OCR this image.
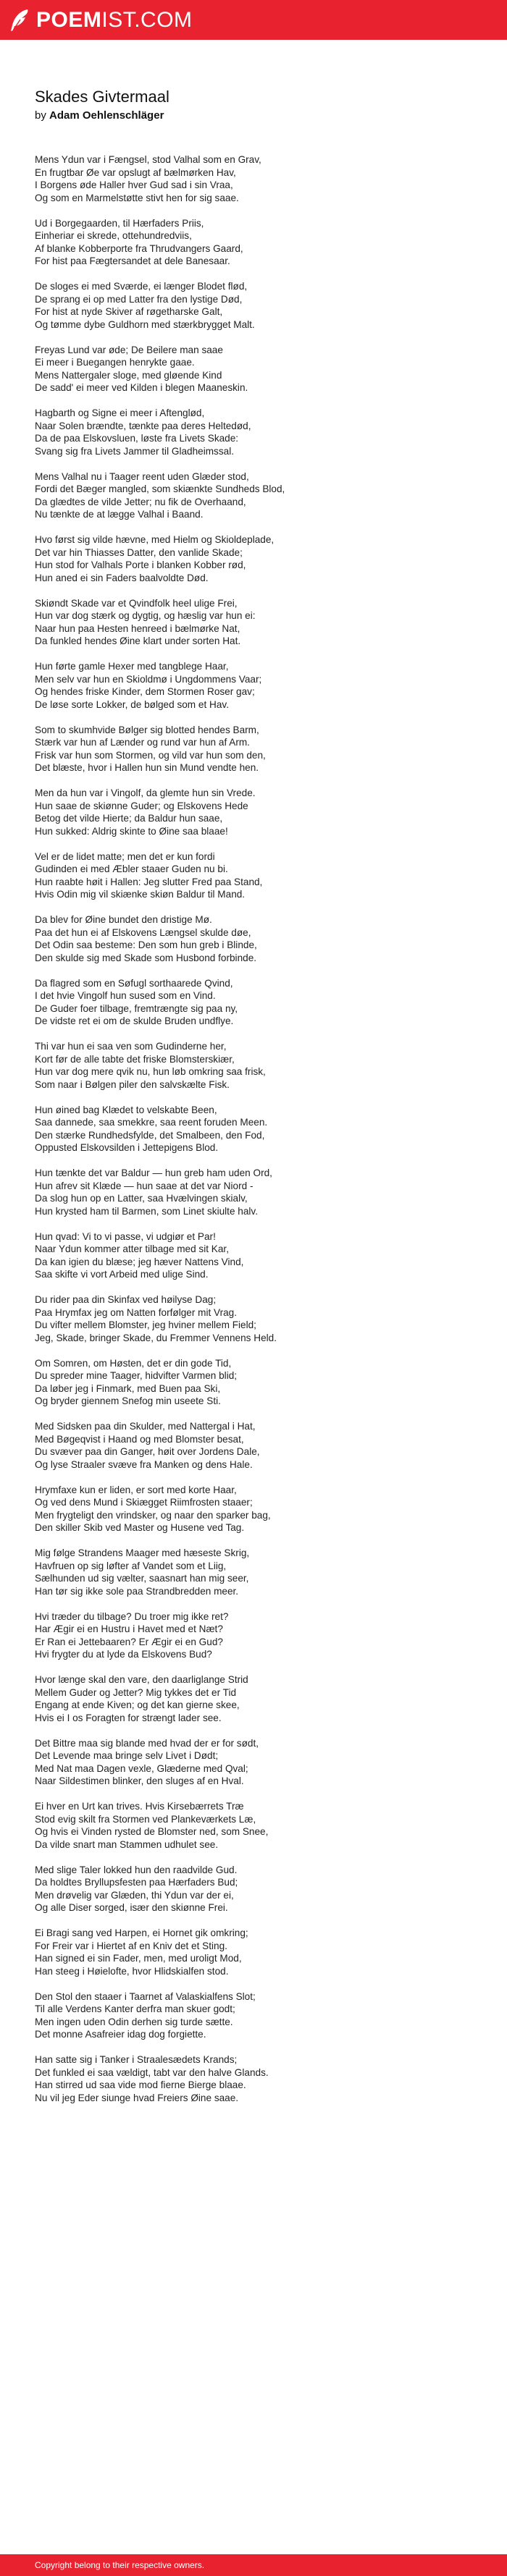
POEMIST.COM
Skades Givtermaal
by Adam Oehlenschläger
Mens Ydun var i Fængsel, stod Valhal som en Grav,
En frugtbar Øe var opslugt af bælmørken Hav,
I Borgens øde Haller hver Gud sad i sin Vraa,
Og som en Marmelstøtte stivt hen for sig saae.
Ud i Borgegaarden, til Hærfaders Priis,
Einheriar ei skrede, ottehundredviis,
Af blanke Kobberporte fra Thrudvangers Gaard,
For hist paa Fægtersandet at dele Banesaar.
De sloges ei med Sværde, ei længer Blodet flød,
De sprang ei op med Latter fra den lystige Død,
For hist at nyde Skiver af røgetharske Galt,
Og tømme dybe Guldhorn med stærkbrygget Malt.
Freyas Lund var øde; De Beilere man saae
Ei meer i Buegangen henrykte gaae.
Mens Nattergaler sloge, med gløende Kind
De sadd' ei meer ved Kilden i blegen Maaneskin.
Hagbarth og Signe ei meer i Aftenglød,
Naar Solen brændte, tænkte paa deres Heltedød,
Da de paa Elskovsluen, løste fra Livets Skade:
Svang sig fra Livets Jammer til Gladheimssal.
Mens Valhal nu i Taager reent uden Glæder stod,
Fordi det Bæger mangled, som skiænkte Sundheds Blod,
Da glædtes de vilde Jetter; nu fik de Overhaand,
Nu tænkte de at lægge Valhal i Baand.
Hvo først sig vilde hævne, med Hielm og Skioldeplade,
Det var hin Thiasses Datter, den vanlide Skade;
Hun stod for Valhals Porte i blanken Kobber rød,
Hun aned ei sin Faders baalvoldte Død.
Skiøndt Skade var et Qvindfolk heel ulige Frei,
Hun var dog stærk og dygtig, og hæslig var hun ei:
Naar hun paa Hesten henreed i bælmørke Nat,
Da funkled hendes Øine klart under sorten Hat.
Hun førte gamle Hexer med tangblege Haar,
Men selv var hun en Skioldmø i Ungdommens Vaar;
Og hendes friske Kinder, dem Stormen Roser gav;
De løse sorte Lokker, de bølged som et Hav.
Som to skumhvide Bølger sig blotted hendes Barm,
Stærk var hun af Lænder og rund var hun af Arm.
Frisk var hun som Stormen, og vild var hun som den,
Det blæste, hvor i Hallen hun sin Mund vendte hen.
Men da hun var i Vingolf, da glemte hun sin Vrede.
Hun saae de skiønne Guder; og Elskovens Hede
Betog det vilde Hierte; da Baldur hun saae,
Hun sukked: Aldrig skinte to Øine saa blaae!
Vel er de lidet matte; men det er kun fordi
Gudinden ei med Æbler staaer Guden nu bi.
Hun raabte høit i Hallen: Jeg slutter Fred paa Stand,
Hvis Odin mig vil skiænke skiøn Baldur til Mand.
Da blev for Øine bundet den dristige Mø.
Paa det hun ei af Elskovens Længsel skulde døe,
Det Odin saa besteme: Den som hun greb i Blinde,
Den skulde sig med Skade som Husbond forbinde.
Da flagred som en Søfugl sorthaarede Qvind,
I det hvie Vingolf hun sused som en Vind.
De Guder foer tilbage, fremtrængte sig paa ny,
De vidste ret ei om de skulde Bruden undflye.
Thi var hun ei saa ven som Gudinderne her,
Kort før de alle tabte det friske Blomsterskiær,
Hun var dog mere qvik nu, hun løb omkring saa frisk,
Som naar i Bølgen piler den salvskælte Fisk.
Hun øined bag Klædet to velskabte Been,
Saa dannede, saa smekkre, saa reent foruden Meen.
Den stærke Rundhedsfylde, det Smalbeen, den Fod,
Oppusted Elskovsilden i Jettepigens Blod.
Hun tænkte det var Baldur — hun greb ham uden Ord,
Hun afrev sit Klæde — hun saae at det var Niord -
Da slog hun op en Latter, saa Hvælvingen skialv,
Hun krysted ham til Barmen, som Linet skiulte halv.
Hun qvad: Vi to vi passe, vi udgiør et Par!
Naar Ydun kommer atter tilbage med sit Kar,
Da kan igien du blæse; jeg hæver Nattens Vind,
Saa skifte vi vort Arbeid med ulige Sind.
Du rider paa din Skinfax ved høilyse Dag;
Paa Hrymfax jeg om Natten forfølger mit Vrag.
Du vifter mellem Blomster, jeg hviner mellem Field;
Jeg, Skade, bringer Skade, du Fremmer Vennens Held.
Om Somren, om Høsten, det er din gode Tid,
Du spreder mine Taager, hidvifter Varmen blid;
Da løber jeg i Finmark, med Buen paa Ski,
Og bryder giennem Snefog min useete Sti.
Med Sidsken paa din Skulder, med Nattergal i Hat,
Med Bøgeqvist i Haand og med Blomster besat,
Du svæver paa din Ganger, høit over Jordens Dale,
Og lyse Straaler svæve fra Manken og dens Hale.
Hrymfaxe kun er liden, er sort med korte Haar,
Og ved dens Mund i Skiægget Riimfrosten staaer;
Men frygteligt den vrindsker, og naar den sparker bag,
Den skiller Skib ved Master og Husene ved Tag.
Mig følge Strandens Maager med hæseste Skrig,
Havfruen op sig løfter af Vandet som et Liig,
Sælhunden ud sig vælter, saasnart han mig seer,
Han tør sig ikke sole paa Strandbredden meer.
Hvi træder du tilbage? Du troer mig ikke ret?
Har Ægir ei en Hustru i Havet med et Næt?
Er Ran ei Jettebaaren? Er Ægir ei en Gud?
Hvi frygter du at lyde da Elskovens Bud?
Hvor længe skal den vare, den daarliglange Strid
Mellem Guder og Jetter? Mig tykkes det er Tid
Engang at ende Kiven; og det kan gierne skee,
Hvis ei I os Foragten for strængt lader see.
Det Bittre maa sig blande med hvad der er for sødt,
Det Levende maa bringe selv Livet i Dødt;
Med Nat maa Dagen vexle, Glæderne med Qval;
Naar Sildestimen blinker, den sluges af en Hval.
Ei hver en Urt kan trives. Hvis Kirsebærrets Træ
Stod evig skilt fra Stormen ved Plankeværkets Læ,
Og hvis ei Vinden rysted de Blomster ned, som Snee,
Da vilde snart man Stammen udhulet see.
Med slige Taler lokked hun den raadvilde Gud.
Da holdtes Bryllupsfesten paa Hærfaders Bud;
Men drøvelig var Glæden, thi Ydun var der ei,
Og alle Diser sorged, især den skiønne Frei.
Ei Bragi sang ved Harpen, ei Hornet gik omkring;
For Freir var i Hiertet af en Kniv det et Sting.
Han signed ei sin Fader, men, med uroligt Mod,
Han steeg i Høielofte, hvor Hlidskialfen stod.
Den Stol den staaer i Taarnet af Valaskialfens Slot;
Til alle Verdens Kanter derfra man skuer godt;
Men ingen uden Odin derhen sig turde sætte.
Det monne Asafreier idag dog forgiette.
Han satte sig i Tanker i Straalesædets Krands;
Det funkled ei saa vældigt, tabt var den halve Glands.
Han stirred ud saa vide mod fierne Bierge blaae.
Nu vil jeg Eder siunge hvad Freiers Øine saae.
Copyright belong to their respective owners.
